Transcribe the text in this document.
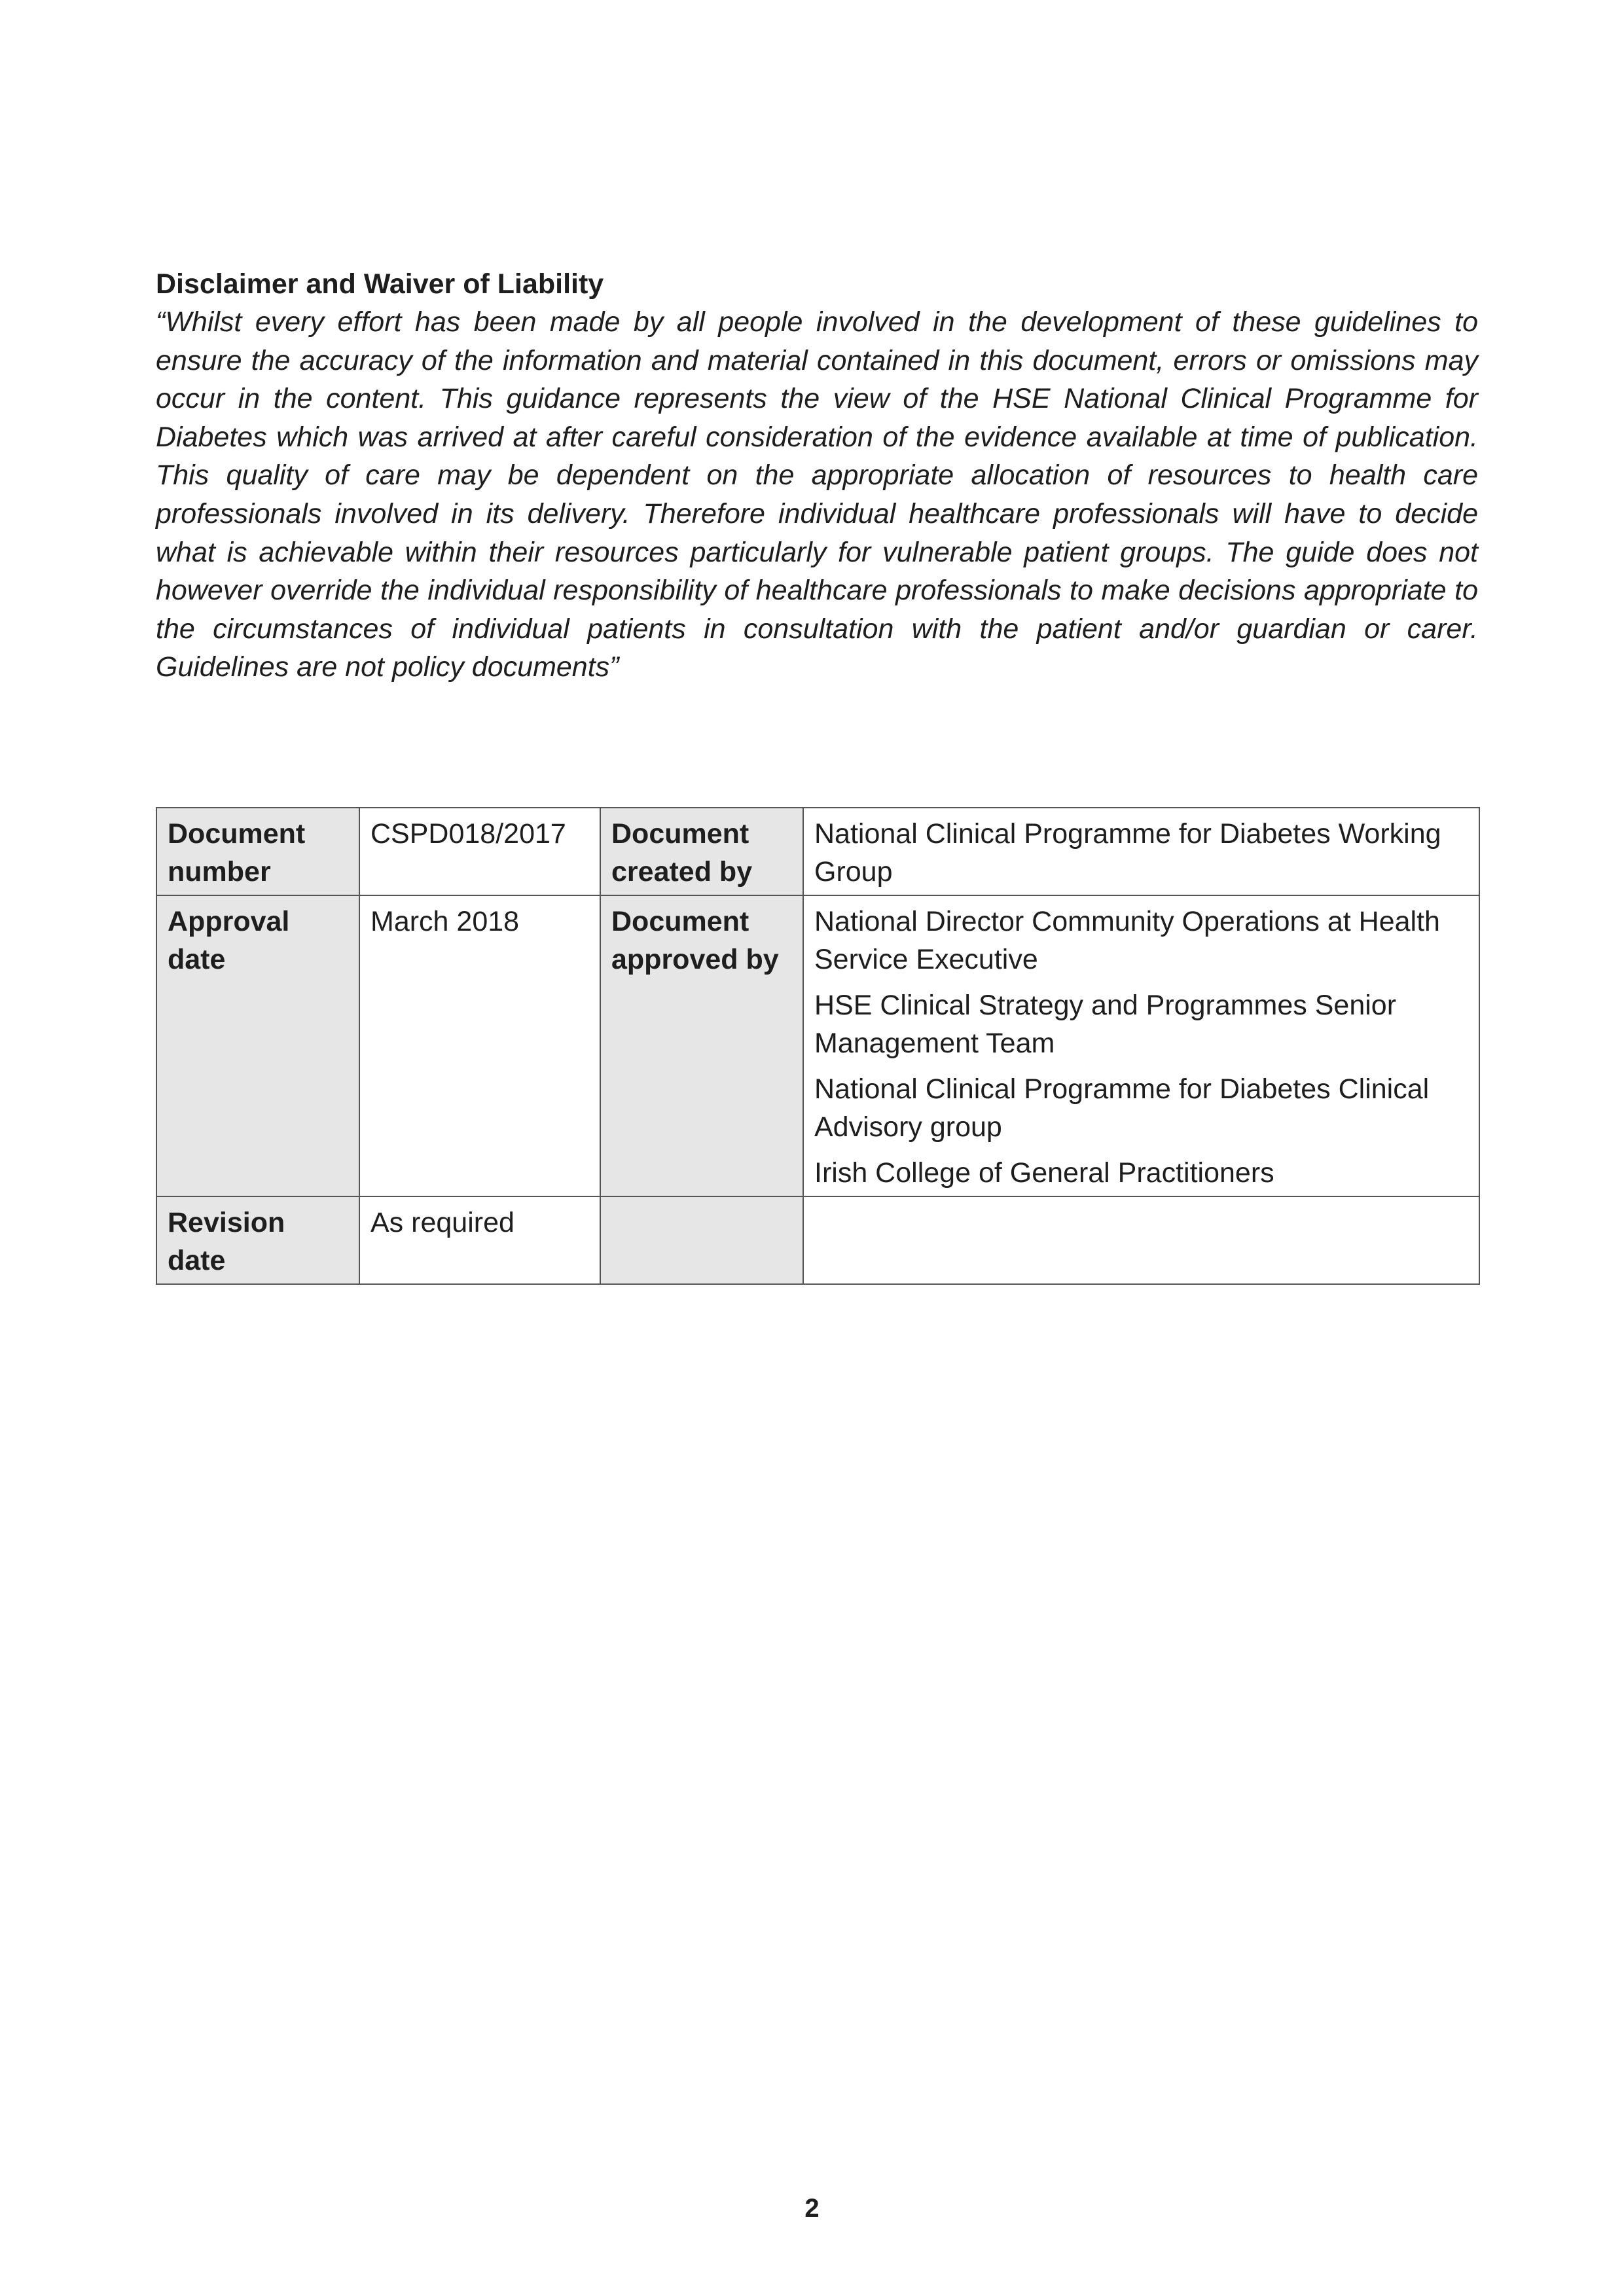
Disclaimer and Waiver of Liability

“Whilst every effort has been made by all people involved in the development of these guidelines to ensure the accuracy of the information and material contained in this document, errors or omissions may occur in the content. This guidance represents the view of the HSE National Clinical Programme for Diabetes which was arrived at after careful consideration of the evidence available at time of publication. This quality of care may be dependent on the appropriate allocation of resources to health care professionals involved in its delivery. Therefore individual healthcare professionals will have to decide what is achievable within their resources particularly for vulnerable patient groups. The guide does not however override the individual responsibility of healthcare professionals to make decisions appropriate to the circumstances of individual patients in consultation with the patient and/or guardian or carer. Guidelines are not policy documents”

Document number	CSPD018/2017	Document created by	National Clinical Programme for Diabetes Working Group
Approval date	March 2018	Document approved by	National Director Community Operations at Health Service Executive

HSE Clinical Strategy and Programmes Senior Management Team

National Clinical Programme for Diabetes Clinical Advisory group

Irish College of General Practitioners

Revision date	As required		
2
